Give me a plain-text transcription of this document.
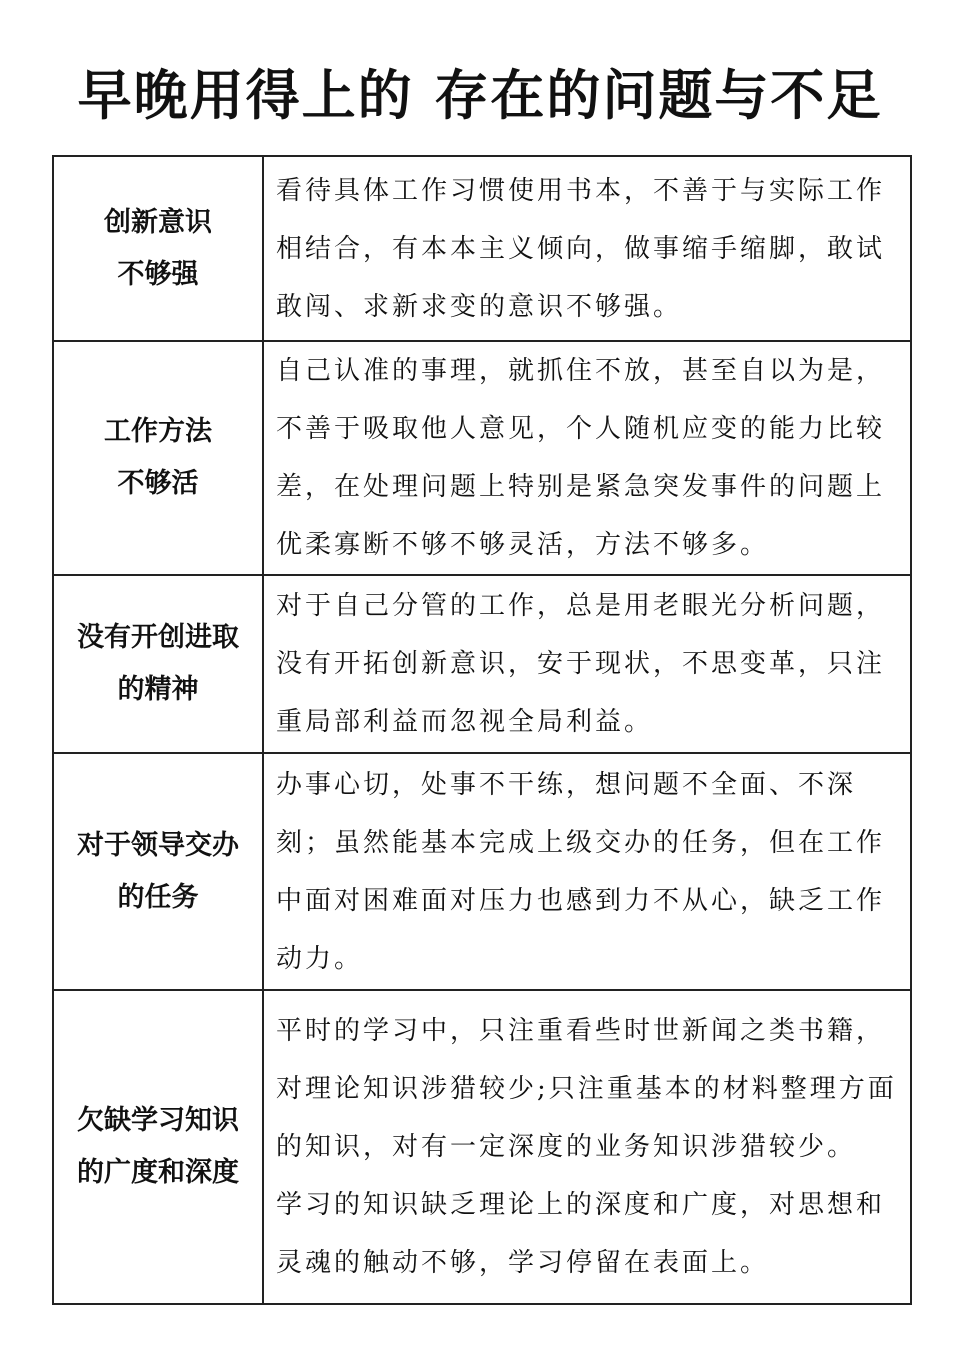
早晚用得上的 存在的问题与不足
创新意识
不够强	看待具体工作习惯使用书本，不善于与实际工作相结合，有本本主义倾向，做事缩手缩脚，敢试敢闯、求新求变的意识不够强。

工作方法
不够活	自己认准的事理，就抓住不放，甚至自以为是，不善于吸取他人意见，个人随机应变的能力比较差，在处理问题上特别是紧急突发事件的问题上优柔寡断不够不够灵活，方法不够多。

没有开创进取
的精神	对于自己分管的工作，总是用老眼光分析问题，没有开拓创新意识，安于现状，不思变革，只注重局部利益而忽视全局利益。

对于领导交办
的任务	办事心切，处事不干练，想问题不全面、不深刻；虽然能基本完成上级交办的任务，但在工作中面对困难面对压力也感到力不从心，缺乏工作动力。

欠缺学习知识
的广度和深度	平时的学习中，只注重看些时世新闻之类书籍，对理论知识涉猎较少;只注重基本的材料整理方面的知识，对有一定深度的业务知识涉猎较少。
学习的知识缺乏理论上的深度和广度，对思想和灵魂的触动不够，学习停留在表面上。
